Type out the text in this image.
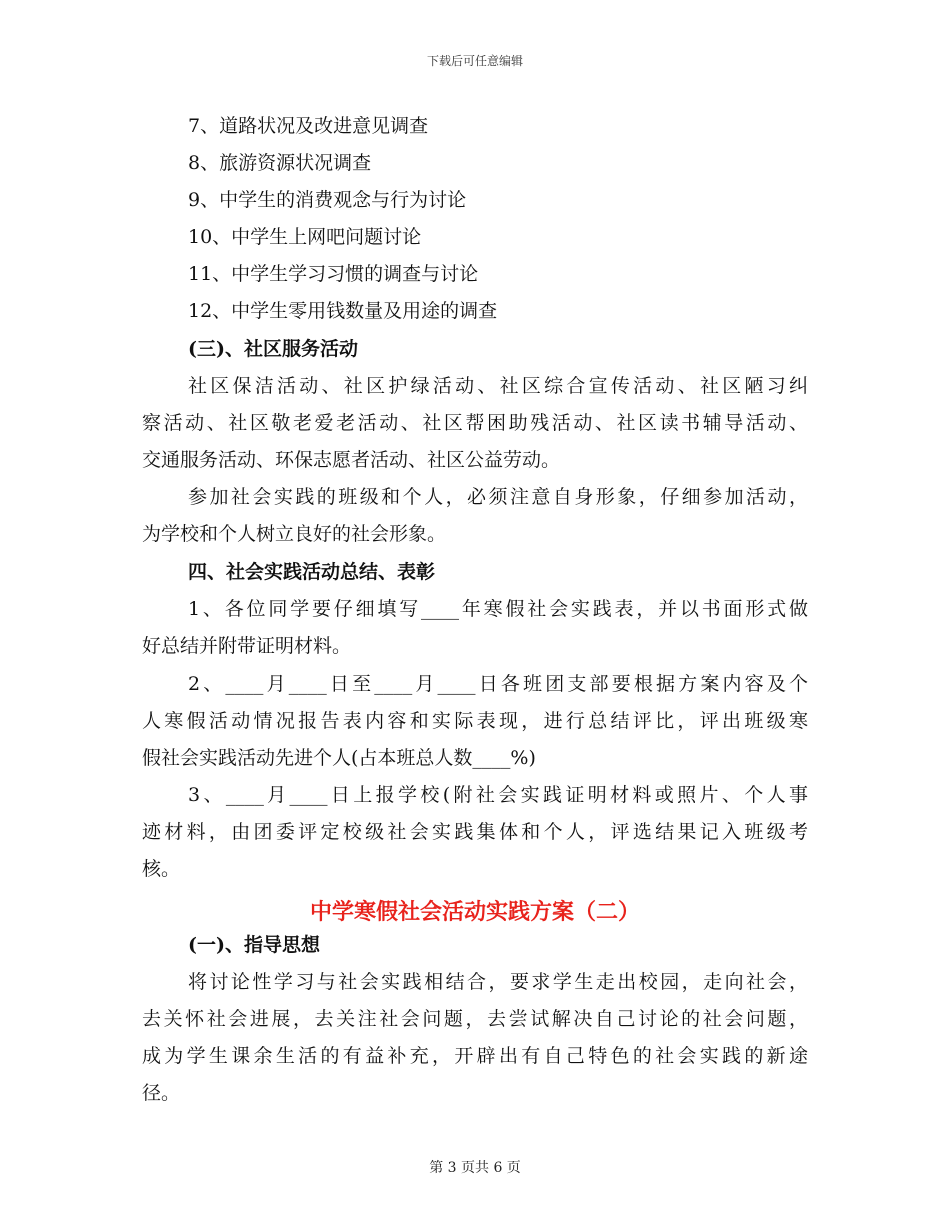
下载后可任意编辑
7、道路状况及改进意见调查
8、旅游资源状况调查
9、中学生的消费观念与行为讨论
10、中学生上网吧问题讨论
11、中学生学习习惯的调查与讨论
12、中学生零用钱数量及用途的调查
(三)、社区服务活动
社区保洁活动、社区护绿活动、社区综合宣传活动、社区陋习纠
察活动、社区敬老爱老活动、社区帮困助残活动、社区读书辅导活动、
交通服务活动、环保志愿者活动、社区公益劳动。
参加社会实践的班级和个人，必须注意自身形象，仔细参加活动，
为学校和个人树立良好的社会形象。
四、社会实践活动总结、表彰
1、各位同学要仔细填写____年寒假社会实践表，并以书面形式做
好总结并附带证明材料。
2、____月____日至____月____日各班团支部要根据方案内容及个
人寒假活动情况报告表内容和实际表现，进行总结评比，评出班级寒
假社会实践活动先进个人(占本班总人数____%)
3、____月____日上报学校(附社会实践证明材料或照片、个人事
迹材料，由团委评定校级社会实践集体和个人，评选结果记入班级考
核。
中学寒假社会活动实践方案（二）
(一)、指导思想
将讨论性学习与社会实践相结合，要求学生走出校园，走向社会，
去关怀社会进展，去关注社会问题，去尝试解决自己讨论的社会问题，
成为学生课余生活的有益补充，开辟出有自己特色的社会实践的新途
径。
第 3 页共 6 页
